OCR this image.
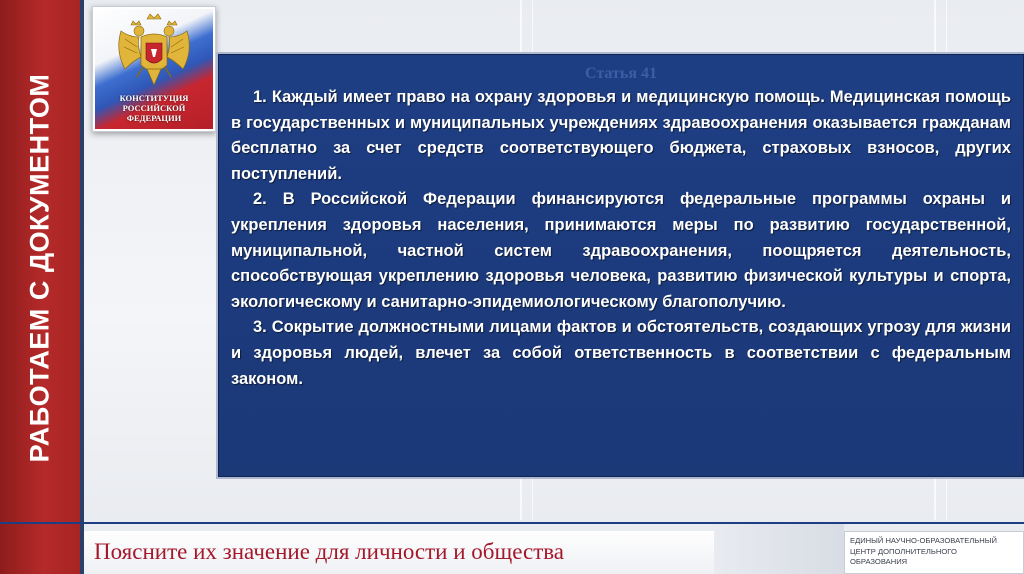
РАБОТАЕМ С ДОКУМЕНТОМ	КОНСТИТУЦИЯ
РОССИЙСКОЙ
ФЕДЕРАЦИИ
Статья 41

1. Каждый имеет право на охрану здоровья и медицинскую помощь. Медицинская помощь в государственных и муниципальных учреждениях здравоохранения оказывается гражданам бесплатно за счет средств соответствующего бюджета, страховых взносов, других поступлений.

2. В Российской Федерации финансируются федеральные программы охраны и укрепления здоровья населения, принимаются меры по развитию государственной, муниципальной, частной систем здравоохранения, поощряется деятельность, способствующая укреплению здоровья человека, развитию физической культуры и спорта, экологическому и санитарно-эпидемиологическому благополучию.

3. Сокрытие должностными лицами фактов и обстоятельств, создающих угрозу для жизни и здоровья людей, влечет за собой ответственность в соответствии с федеральным законом.

Поясните их значение для личности и общества	ЕДИНЫЙ НАУЧНО-ОБРАЗОВАТЕЛЬНЫЙ
ЦЕНТР ДОПОЛНИТЕЛЬНОГО
ОБРАЗОВАНИЯ
